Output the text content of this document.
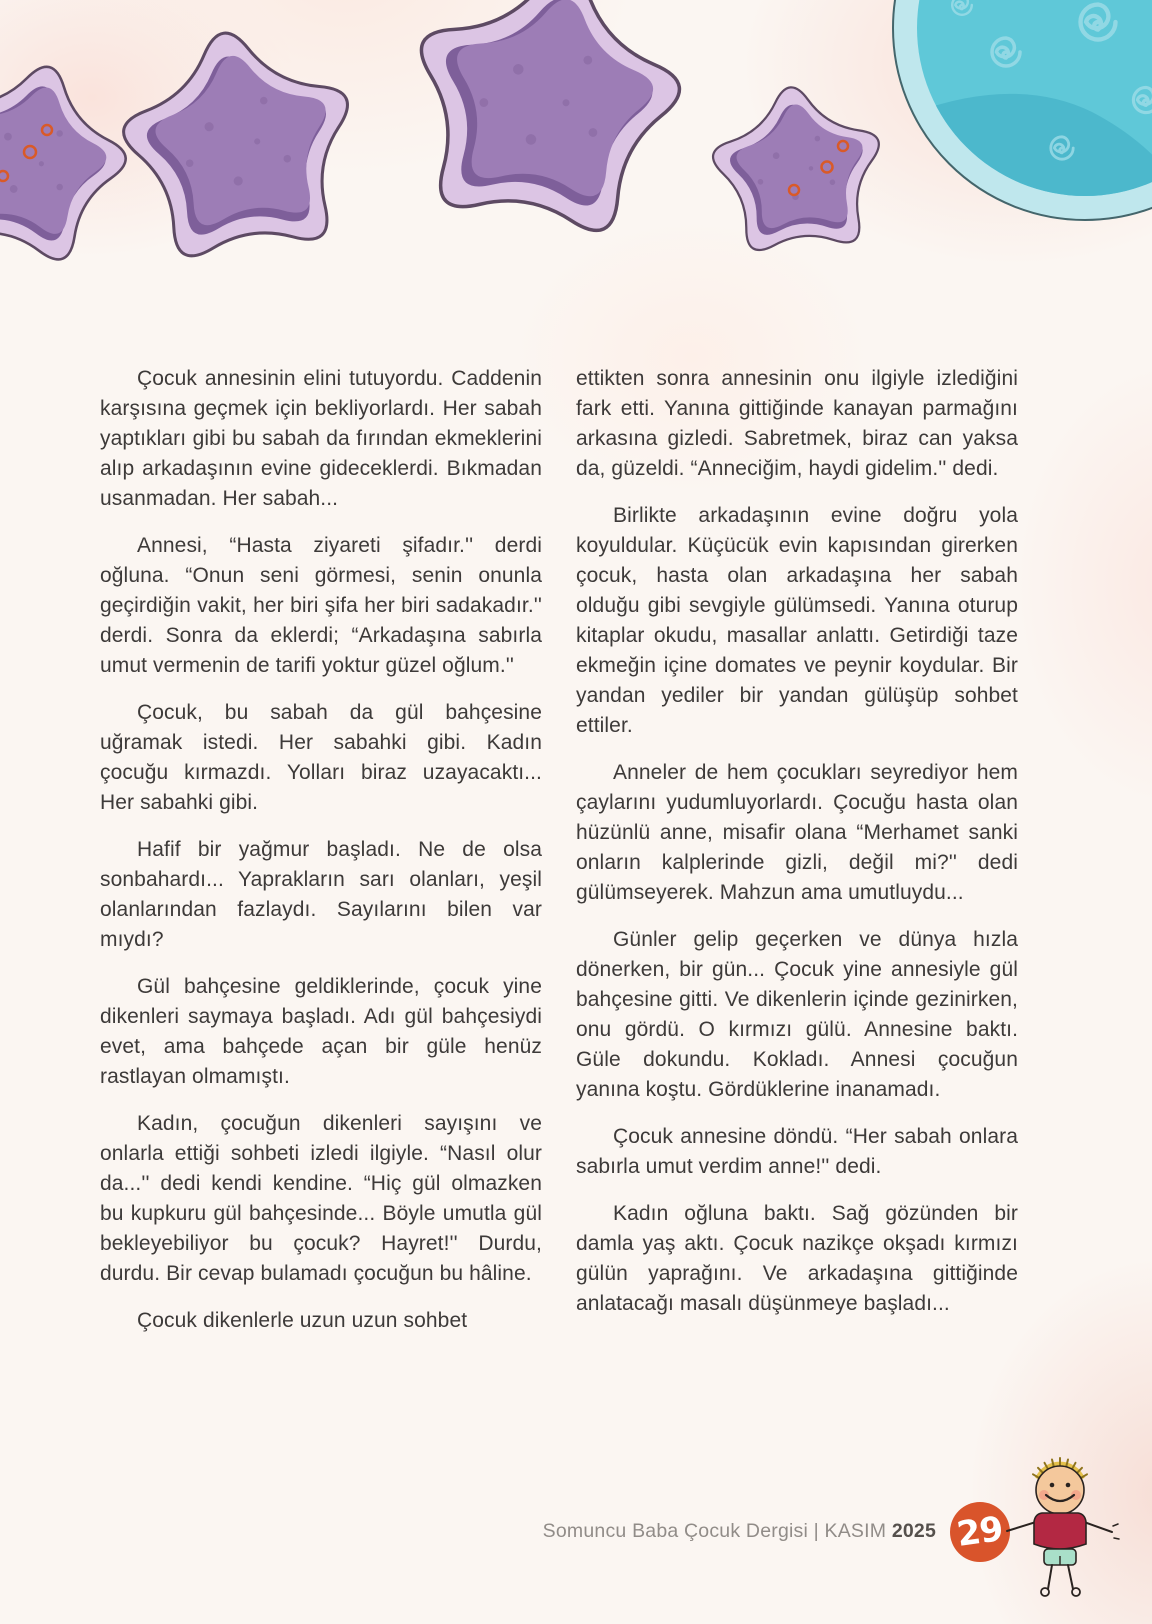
Çocuk annesinin elini tutuyordu. Caddenin karşısına geçmek için bekliyorlardı. Her sabah yaptıkları gibi bu sabah da fırından ekmeklerini alıp arkadaşının evine gideceklerdi. Bıkmadan usanmadan. Her sabah...

Annesi, “Hasta ziyareti şifadır.'' derdi oğluna. “Onun seni görmesi, senin onunla geçirdiğin vakit, her biri şifa her biri sadakadır.'' derdi. Sonra da eklerdi; “Arkadaşına sabırla umut vermenin de tarifi yoktur güzel oğlum.''

Çocuk, bu sabah da gül bahçesine uğramak istedi. Her sabahki gibi. Kadın çocuğu kırmazdı. Yolları biraz uzayacaktı... Her sabahki gibi.

Hafif bir yağmur başladı. Ne de olsa sonbahardı... Yaprakların sarı olanları, yeşil olanlarından fazlaydı. Sayılarını bilen var mıydı?

Gül bahçesine geldiklerinde, çocuk yine dikenleri saymaya başladı. Adı gül bahçesiydi evet, ama bahçede açan bir güle henüz rastlayan olmamıştı.

Kadın, çocuğun dikenleri sayışını ve onlarla ettiği sohbeti izledi ilgiyle. “Nasıl olur da...'' dedi kendi kendine. “Hiç gül olmazken bu kupkuru gül bahçesinde... Böyle umutla gül bekleyebiliyor bu çocuk? Hayret!'' Durdu, durdu. Bir cevap bulamadı çocuğun bu hâline.

Çocuk dikenlerle uzun uzun sohbet

ettikten sonra annesinin onu ilgiyle izlediğini fark etti. Yanına gittiğinde kanayan parmağını arkasına gizledi. Sabretmek, biraz can yaksa da, güzeldi. “Anneciğim, haydi gidelim.'' dedi.

Birlikte arkadaşının evine doğru yola koyuldular. Küçücük evin kapısından girerken çocuk, hasta olan arkadaşına her sabah olduğu gibi sevgiyle gülümsedi. Yanına oturup kitaplar okudu, masallar anlattı. Getirdiği taze ekmeğin içine domates ve peynir koydular. Bir yandan yediler bir yandan gülüşüp sohbet ettiler.

Anneler de hem çocukları seyrediyor hem çaylarını yudumluyorlardı. Çocuğu hasta olan hüzünlü anne, misafir olana “Merhamet sanki onların kalplerinde gizli, değil mi?'' dedi gülümseyerek. Mahzun ama umutluydu...

Günler gelip geçerken ve dünya hızla dönerken, bir gün... Çocuk yine annesiyle gül bahçesine gitti. Ve dikenlerin içinde gezinirken, onu gördü. O kırmızı gülü. Annesine baktı. Güle dokundu. Kokladı. Annesi çocuğun yanına koştu. Gördüklerine inanamadı.

Çocuk annesine döndü. “Her sabah onlara sabırla umut verdim anne!'' dedi.

Kadın oğluna baktı. Sağ gözünden bir damla yaş aktı. Çocuk nazikçe okşadı kırmızı gülün yaprağını. Ve arkadaşına gittiğinde anlatacağı masalı düşünmeye başladı...

Somuncu Baba Çocuk Dergisi | KASIM 2025 29
